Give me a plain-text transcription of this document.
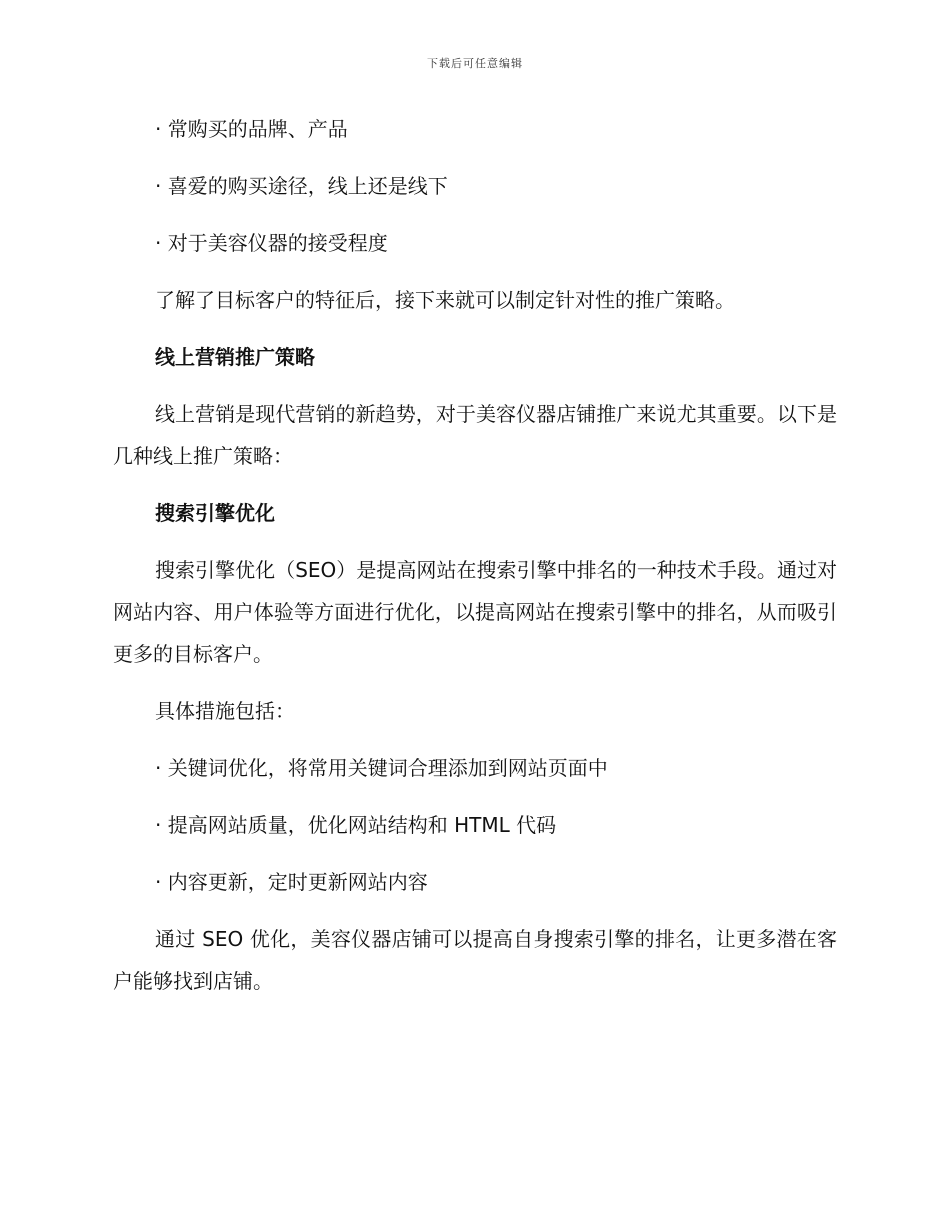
下载后可任意编辑

· 常购买的品牌、产品

· 喜爱的购买途径，线上还是线下

· 对于美容仪器的接受程度

了解了目标客户的特征后，接下来就可以制定针对性的推广策略。

线上营销推广策略

线上营销是现代营销的新趋势，对于美容仪器店铺推广来说尤其重要。以下是几种线上推广策略：

搜索引擎优化

搜索引擎优化（SEO）是提高网站在搜索引擎中排名的一种技术手段。通过对网站内容、用户体验等方面进行优化，以提高网站在搜索引擎中的排名，从而吸引更多的目标客户。

具体措施包括：

· 关键词优化，将常用关键词合理添加到网站页面中

· 提高网站质量，优化网站结构和 HTML 代码

· 内容更新，定时更新网站内容

通过 SEO 优化，美容仪器店铺可以提高自身搜索引擎的排名，让更多潜在客户能够找到店铺。
